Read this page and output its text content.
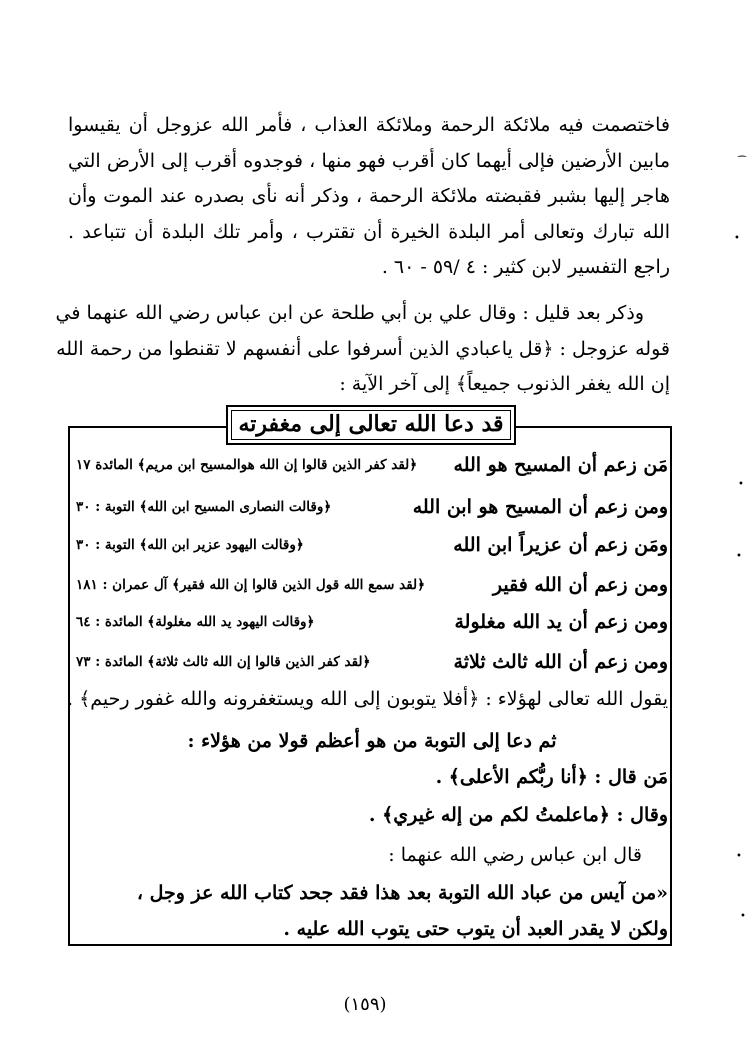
فاختصمت فيه ملائكة الرحمة وملائكة العذاب ، فأمر الله عزوجل أن يقيسوا
مابين الأرضين فإلى أيهما كان أقرب فهو منها ، فوجدوه أقرب إلى الأرض التي
هاجر إليها بشبر فقبضته ملائكة الرحمة ، وذكر أنه نأى بصدره عند الموت وأن
الله تبارك وتعالى أمر البلدة الخيرة أن تقترب ، وأمر تلك البلدة أن تتباعد .
راجع التفسير لابن كثير : ٤ /٥٩ - ٦٠ .
وذكر بعد قليل : وقال علي بن أبي طلحة عن ابن عباس رضي الله عنهما في
قوله عزوجل : ﴿قل ياعبادي الذين أسرفوا على أنفسهم لا تقنطوا من رحمة الله
إن الله يغفر الذنوب جميعاً﴾ إلى آخر الآية :
قد دعا الله تعالى إلى مغفرته
مَن زعم أن المسيح هو الله
﴿لقد كفر الذين قالوا إن الله هوالمسيح ابن مريم﴾ المائدة ١٧
ومن زعم أن المسيح هو ابن الله
﴿وقالت النصارى المسيح ابن الله﴾ التوبة : ٣٠
ومَن زعم أن عزيراً ابن الله
﴿وقالت اليهود عزير ابن الله﴾ التوبة : ٣٠
ومن زعم أن الله فقير
﴿لقد سمع الله قول الذين قالوا إن الله فقير﴾ آل عمران : ١٨١
ومن زعم أن يد الله مغلولة
﴿وقالت اليهود يد الله مغلولة﴾ المائدة : ٦٤
ومن زعم أن الله ثالث ثلاثة
﴿لقد كفر الذين قالوا إن الله ثالث ثلاثة﴾ المائدة : ٧٣
يقول الله تعالى لهؤلاء : ﴿أفلا يتوبون إلى الله ويستغفرونه والله غفور رحيم﴾ .
ثم دعا إلى التوبة من هو أعظم قولا من هؤلاء :
مَن قال : ﴿أنا ربُّكم الأعلى﴾ .
وقال : ﴿ماعلمتُ لكم من إله غيري﴾ .
قال ابن عباس رضي الله عنهما :
«من آيس من عباد الله التوبة بعد هذا فقد جحد كتاب الله عز وجل ،
ولكن لا يقدر العبد أن يتوب حتى يتوب الله عليه .
(١٥٩)
⁀
•
•
•
•
•
